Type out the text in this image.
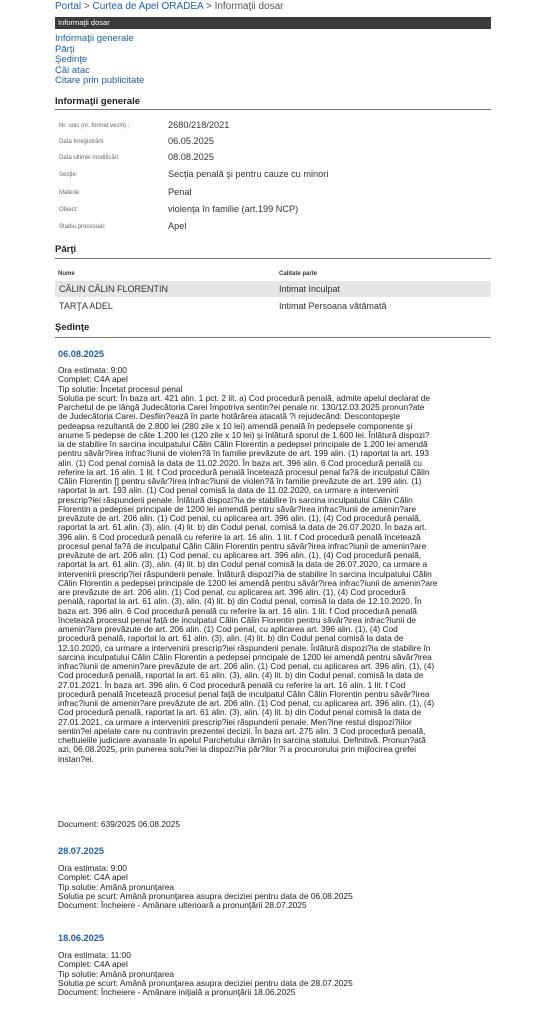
Portal > Curtea de Apel ORADEA > Informaţii dosar
Informaţii dosar
Informaţii generale
Părţi
Şedinţe
Căi atac
Citare prin publicitate
Informaţii generale
Nr. unic (nr. format vechi) :	2680/218/2021
Data înregistrării	06.05.2025
Data ultimei modificări:	08.08.2025
Secţie:	Secţia penală şi pentru cauze cu minori
Materie:	Penal
Obiect:	violenţa în familie (art.199 NCP)
Stadiu procesual:	Apel
Părţi
Nume	Calitate parte
CĂLIN CĂLIN FLORENTIN	Intimat Inculpat
TARŢA ADEL	Intimat Persoana vătămată
Şedinţe
06.08.2025
Ora estimata: 9:00
Complet: C4A apel
Tip solutie: Încetat procesul penal
Solutia pe scurt: În baza art. 421 alin. 1 pct. 2 lit. a) Cod procedură penală, admite apelul declarat de
Parchetul de pe lângă Judecătoria Carei împotriva sentin?ei penale nr. 130/12.03.2025 pronun?ate
de Judecătoria Carei. Desfiin?ează în parte hotărârea atacată ?i rejudecând: Descontopeşte
pedeapsa rezultantă de 2.800 lei (280 zile x 10 lei) amendă penală în pedepsele componente şi
anume 5 pedepse de câte 1.200 lei (120 zile x 10 lei) şi înlătură sporul de 1.600 lei. Înlătură dispozi?
ia de stabilire în sarcina inculpatului Călin Călin Florentin a pedepsei principale de 1.200 lei amendă
pentru săvâr?irea infrac?iunii de violen?ă în familie prevăzute de art. 199 alin. (1) raportat la art. 193
alin. (1) Cod penal comisă la data de 11.02.2020. În baza art. 396 alin. 6 Cod procedură penală cu
referire la art. 16 alin. 1 lit. f Cod procedură penală încetează procesul penal fa?ă de inculpatul Călin
Călin Florentin [] pentru săvâr?irea infrac?iunii de violen?ă în familie prevăzute de art. 199 alin. (1)
raportat la art. 193 alin. (1) Cod penal comisă la data de 11.02.2020, ca urmare a intervenirii
prescrip?iei răspunderii penale. Înlătură dispozi?ia de stabilire în sarcina inculpatului Călin Călin
Florentin a pedepsei principale de 1200 lei amendă pentru săvâr?irea infrac?iunii de amenin?are
prevăzute de art. 206 alin. (1) Cod penal, cu aplicarea art. 396 alin. (1), (4) Cod procedură penală,
raportat la art. 61 alin. (3), alin. (4) lit. b) din Codul penal, comisă la data de 26.07.2020. În baza art.
396 alin. 6 Cod procedură penală cu referire la art. 16 alin. 1 lit. f Cod procedură penală încetează
procesul penal fa?ă de inculpatul Călin Călin Florentin pentru săvâr?irea infrac?iunii de amenin?are
prevăzute de art. 206 alin. (1) Cod penal, cu aplicarea art. 396 alin. (1), (4) Cod procedură penală,
raportat la art. 61 alin. (3), alin. (4) lit. b) din Codul penal comisă la data de 26.07.2020, ca urmare a
intervenirii prescrip?iei răspunderii penale. Înlătură dispozi?ia de stabilire în sarcina inculpatului Călin
Călin Florentin a pedepsei principale de 1200 lei amendă pentru săvâr?irea infrac?iunii de amenin?are
are prevăzute de art. 206 alin. (1) Cod penal, cu aplicarea art. 396 alin. (1), (4) Cod procedură
penală, raportat la art. 61 alin. (3), alin. (4) lit. b) din Codul penal, comisă la data de 12.10.2020. În
baza art. 396 alin. 6 Cod procedură penală cu referire la art. 16 alin. 1 lit. f Cod procedură penală
încetează procesul penal faţă de inculpatul Călin Călin Florentin pentru săvâr?irea infrac?iunii de
amenin?are prevăzute de art. 206 alin. (1) Cod penal, cu aplicarea art. 396 alin. (1), (4) Cod
procedură penală, raportat la art. 61 alin. (3), alin. (4) lit. b) din Codul penal comisă la data de
12.10.2020, ca urmare a intervenirii prescrip?iei răspunderii penale. Înlătură dispozi?ia de stabilire în
sarcina inculpatului Călin Călin Florentin a pedepsei principale de 1200 lei amendă pentru săvâr?irea
infrac?iunii de amenin?are prevăzute de art. 206 alin. (1) Cod penal, cu aplicarea art. 396 alin. (1), (4)
Cod procedură penală, raportat la art. 61 alin. (3), alin. (4) lit. b) din Codul penal, comisă la data de
27.01.2021. În baza art. 396 alin. 6 Cod procedură penală cu referire la art. 16 alin. 1 lit. f Cod
procedură penală încetează procesul penal faţă de inculpatul Călin Călin Florentin pentru săvâr?irea
infrac?iunii de amenin?are prevăzute de art. 206 alin. (1) Cod penal, cu aplicarea art. 396 alin. (1), (4)
Cod procedură penală, raportat la art. 61 alin. (3), alin. (4) lit. b) din Codul penal comisă la data de
27.01.2021, ca urmare a intervenirii prescrip?iei răspunderii penale. Men?ine restul dispozi?iilor
sentin?ei apelate care nu contravin prezentei decizii. În baza art. 275 alin. 3 Cod procedură penală,
cheltuielile judiciare avansate în apelul Parchetului rămân în sarcina statului. Definitivă. Pronun?ată
azi, 06.08.2025, prin punerea solu?iei la dispozi?ia păr?ilor ?i a procurorului prin mijlocirea grefei
instan?ei.
Document: 639/2025 06.08.2025
28.07.2025
Ora estimata: 9:00
Complet: C4A apel
Tip solutie: Amână pronunţarea
Solutia pe scurt: Amână pronunţarea asupra deciziei pentru data de 06.08.2025
Document: Încheiere - Amânare ulterioară a pronunţării 28.07.2025
18.06.2025
Ora estimata: 11:00
Complet: C4A apel
Tip solutie: Amână pronunţarea
Solutia pe scurt: Amână pronunţarea asupra deciziei pentru data de 28.07.2025
Document: Încheiere - Amânare iniţială a pronunţării 18.06.2025
